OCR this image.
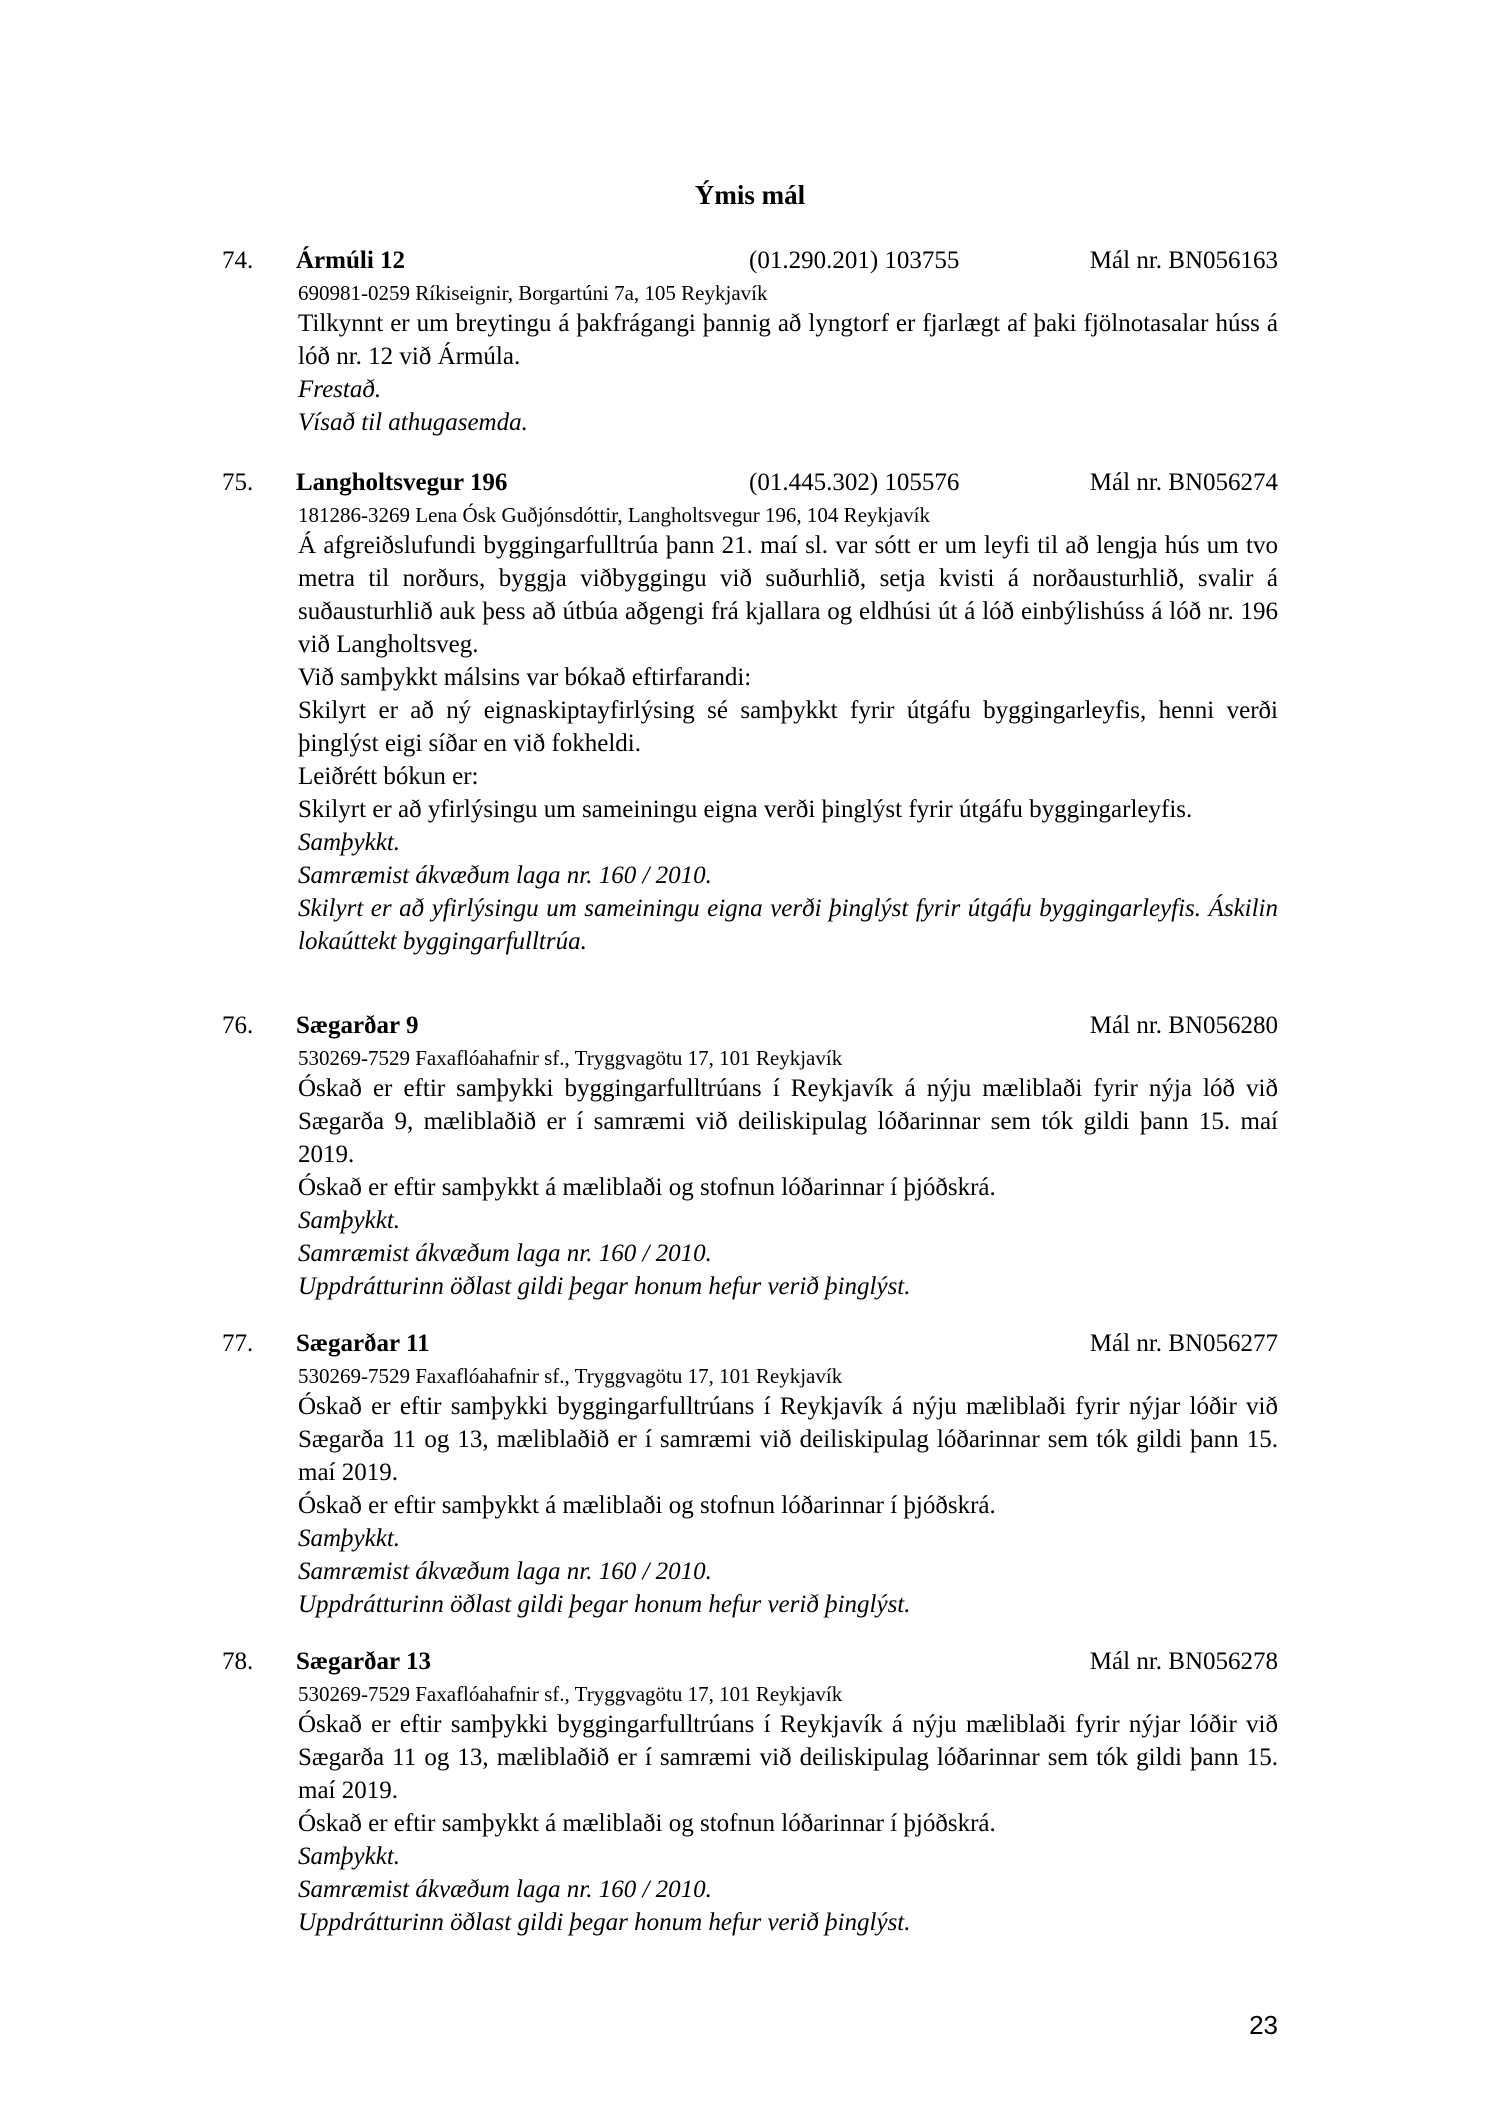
Ýmis mál
74. Ármúli 12	(01.290.201) 103755	Mál nr. BN056163
690981-0259 Ríkiseignir, Borgartúni 7a, 105 Reykjavík

Tilkynnt er um breytingu á þakfrágangi þannig að lyngtorf er fjarlægt af þaki fjölnotasalar húss á lóð nr. 12 við Ármúla.

Frestað.

Vísað til athugasemda.

75. Langholtsvegur 196	(01.445.302) 105576	Mál nr. BN056274
181286-3269 Lena Ósk Guðjónsdóttir, Langholtsvegur 196, 104 Reykjavík

Á afgreiðslufundi byggingarfulltrúa þann 21. maí sl. var sótt er um leyfi til að lengja hús um tvo metra til norðurs, byggja viðbyggingu við suðurhlið, setja kvisti á norðausturhlið, svalir á suðausturhlið auk þess að útbúa aðgengi frá kjallara og eldhúsi út á lóð einbýlishúss á lóð nr. 196 við Langholtsveg.

Við samþykkt málsins var bókað eftirfarandi:

Skilyrt er að ný eignaskiptayfirlýsing sé samþykkt fyrir útgáfu byggingarleyfis, henni verði þinglýst eigi síðar en við fokheldi.

Leiðrétt bókun er:

Skilyrt er að yfirlýsingu um sameiningu eigna verði þinglýst fyrir útgáfu byggingarleyfis.

Samþykkt.

Samræmist ákvæðum laga nr. 160 / 2010.

Skilyrt er að yfirlýsingu um sameiningu eigna verði þinglýst fyrir útgáfu byggingarleyfis. Áskilin lokaúttekt byggingarfulltrúa.

76. Sægarðar 9	Mál nr. BN056280
530269-7529 Faxaflóahafnir sf., Tryggvagötu 17, 101 Reykjavík

Óskað er eftir samþykki byggingarfulltrúans í Reykjavík á nýju mæliblaði fyrir nýja lóð við Sægarða 9, mæliblaðið er í samræmi við deiliskipulag lóðarinnar sem tók gildi þann 15. maí 2019.

Óskað er eftir samþykkt á mæliblaði og stofnun lóðarinnar í þjóðskrá.

Samþykkt.

Samræmist ákvæðum laga nr. 160 / 2010.

Uppdrátturinn öðlast gildi þegar honum hefur verið þinglýst.

77. Sægarðar 11	Mál nr. BN056277
530269-7529 Faxaflóahafnir sf., Tryggvagötu 17, 101 Reykjavík

Óskað er eftir samþykki byggingarfulltrúans í Reykjavík á nýju mæliblaði fyrir nýjar lóðir við Sægarða 11 og 13, mæliblaðið er í samræmi við deiliskipulag lóðarinnar sem tók gildi þann 15. maí 2019.

Óskað er eftir samþykkt á mæliblaði og stofnun lóðarinnar í þjóðskrá.

Samþykkt.

Samræmist ákvæðum laga nr. 160 / 2010.

Uppdrátturinn öðlast gildi þegar honum hefur verið þinglýst.

78. Sægarðar 13	Mál nr. BN056278
530269-7529 Faxaflóahafnir sf., Tryggvagötu 17, 101 Reykjavík

Óskað er eftir samþykki byggingarfulltrúans í Reykjavík á nýju mæliblaði fyrir nýjar lóðir við Sægarða 11 og 13, mæliblaðið er í samræmi við deiliskipulag lóðarinnar sem tók gildi þann 15. maí 2019.

Óskað er eftir samþykkt á mæliblaði og stofnun lóðarinnar í þjóðskrá.

Samþykkt.

Samræmist ákvæðum laga nr. 160 / 2010.

Uppdrátturinn öðlast gildi þegar honum hefur verið þinglýst.

23
